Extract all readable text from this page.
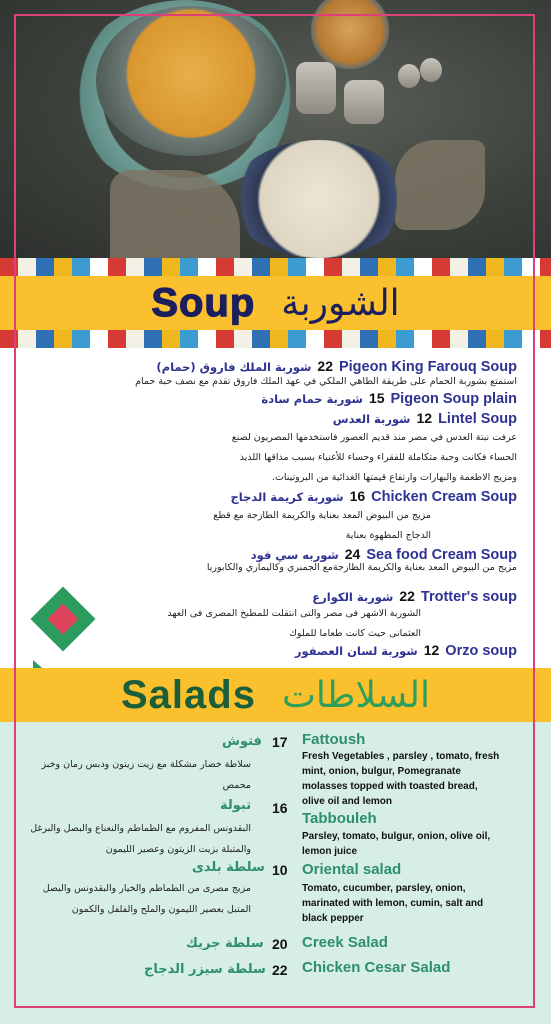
Soup الشوربة
شوربة الملك فاروق (حمام) 22 Pigeon King Farouq Soup
استمتع بشوربة الحمام على طريقة الطاهي الملكي في عهد الملك فاروق تقدم مع نصف حبة حمام
شوربة حمام سادة 15 Pigeon Soup plain
شوربة العدس 12 Lintel Soup
عرفت نبتة العدس في مصر منذ قديم العصور فاستخدمها المصريون لصنع الحساء فكانت وجبة متكاملة للفقراء وحساء للأغنياء بسبب مذاقها اللذيذ ومزيج الاطعمة والبهارات وارتفاع قيمتها الغذائية من البروتينات.
شوربة كريمة الدجاج 16 Chicken Cream Soup
مزيج من البيوض المعد بعناية والكريمة الطازجة مع قطع الدجاج المطهوة بعناية
شوربه سي فود 24 Sea food Cream Soup
مزيج من البيوض المعد بعناية والكريمة الطازجةمع الجمبري وكاليماري والكابوريا
شوربة الكوارع 22 Trotter's soup
الشوربة الاشهر فى مصر والتى انتقلت للمطبخ المصرى فى العهد العثمانى حيث كانت طعاما للملوك
شوربة لسان العصفور 12 Orzo soup
Salads السلاطات
فتوش 17 Fattoush
سلاطة خضار مشكلة مع زيت زيتون ودبس رمان وخبز محمص
Fresh Vegetables , parsley , tomato, fresh mint, onion, bulgur, Pomegranate molasses topped with toasted bread, olive oil and lemon
تبولة 16
Tabbouleh
البقدونس المفروم مع الطماطم والنعناع والبصل والبرغل والمتبلة بزيت الزيتون وعصير الليمون
Parsley, tomato, bulgur, onion, olive oil, lemon juice
سلطة بلدى 10 Oriental salad
مزيج مصرى من الطماطم والخيار والبقدونس والبصل المتبل بعصير الليمون والملح والفلفل والكمون
Tomato, cucumber, parsley, onion, marinated with lemon, cumin, salt and black pepper
سلطة جريك 20 Creek Salad
سلطة سيزر الدجاج 22 Chicken Cesar Salad
